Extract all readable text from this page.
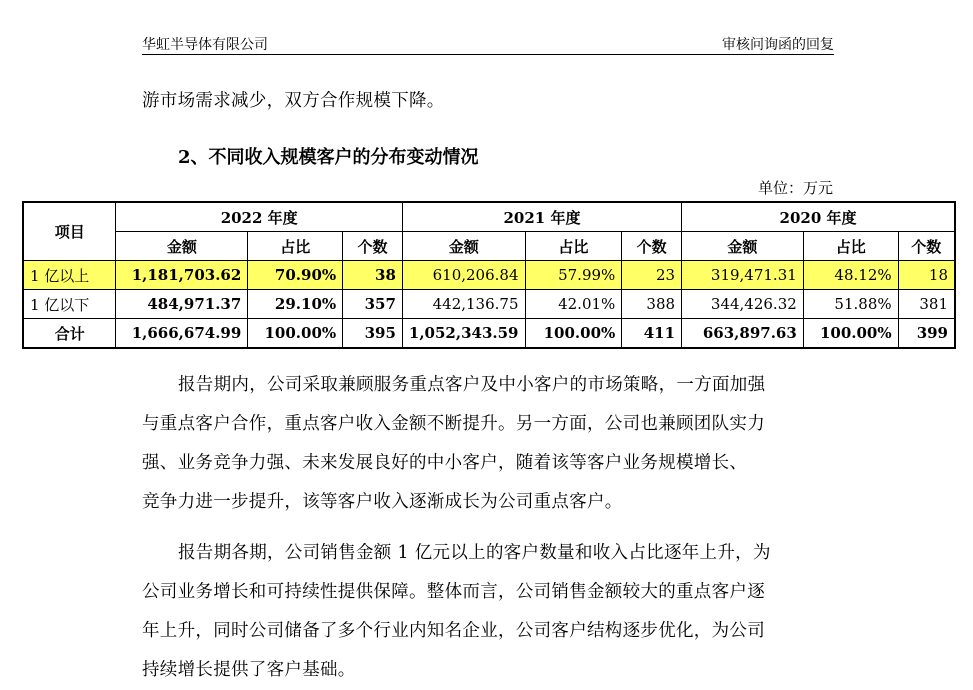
华虹半导体有限公司	审核问询函的回复
游市场需求减少，双方合作规模下降。
2、不同收入规模客户的分布变动情况
单位：万元
项目	2022 年度			2021 年度			2020 年度		
	金额	占比	个数	金额	占比	个数	金额	占比	个数
1 亿以上	1,181,703.62	70.90%	38	610,206.84	57.99%	23	319,471.31	48.12%	18
1 亿以下	484,971.37	29.10%	357	442,136.75	42.01%	388	344,426.32	51.88%	381
合计	1,666,674.99	100.00%	395	1,052,343.59	100.00%	411	663,897.63	100.00%	399
报告期内，公司采取兼顾服务重点客户及中小客户的市场策略，一方面加强
与重点客户合作，重点客户收入金额不断提升。另一方面，公司也兼顾团队实力
强、业务竞争力强、未来发展良好的中小客户，随着该等客户业务规模增长、
竞争力进一步提升，该等客户收入逐渐成长为公司重点客户。
报告期各期，公司销售金额 1 亿元以上的客户数量和收入占比逐年上升，为
公司业务增长和可持续性提供保障。整体而言，公司销售金额较大的重点客户逐
年上升，同时公司储备了多个行业内知名企业，公司客户结构逐步优化，为公司
持续增长提供了客户基础。
